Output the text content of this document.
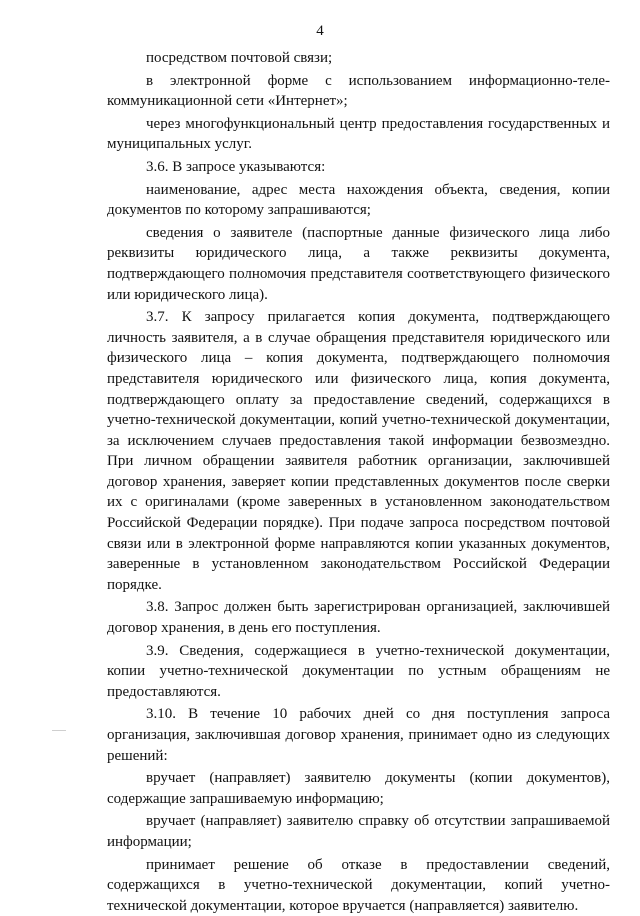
4

посредством почтовой связи;

в электронной форме с использованием информационно-телекоммуникационной сети «Интернет»;

через многофункциональный центр предоставления государственных и муниципальных услуг.

3.6. В запросе указываются:

наименование, адрес места нахождения объекта, сведения, копии документов по которому запрашиваются;

сведения о заявителе (паспортные данные физического лица либо реквизиты юридического лица, а также реквизиты документа, подтверждающего полномочия представителя соответствующего физического или юридического лица).

3.7. К запросу прилагается копия документа, подтверждающего личность заявителя, а в случае обращения представителя юридического или физического лица – копия документа, подтверждающего полномочия представителя юридического или физического лица, копия документа, подтверждающего оплату за предоставление сведений, содержащихся в учетно-технической документации, копий учетно-технической документации, за исключением случаев предоставления такой информации безвозмездно. При личном обращении заявителя работник организации, заключившей договор хранения, заверяет копии представленных документов после сверки их с оригиналами (кроме заверенных в установленном законодательством Российской Федерации порядке). При подаче запроса посредством почтовой связи или в электронной форме направляются копии указанных документов, заверенные в установленном законодательством Российской Федерации порядке.

3.8. Запрос должен быть зарегистрирован организацией, заключившей договор хранения, в день его поступления.

3.9. Сведения, содержащиеся в учетно-технической документации, копии учетно-технической документации по устным обращениям не предоставляются.

3.10. В течение 10 рабочих дней со дня поступления запроса организация, заключившая договор хранения, принимает одно из следующих решений:

вручает (направляет) заявителю документы (копии документов), содержащие запрашиваемую информацию;

вручает (направляет) заявителю справку об отсутствии запрашиваемой информации;

принимает решение об отказе в предоставлении сведений, содержащихся в учетно-технической документации, копий учетно-технической документации, которое вручается (направляется) заявителю.
